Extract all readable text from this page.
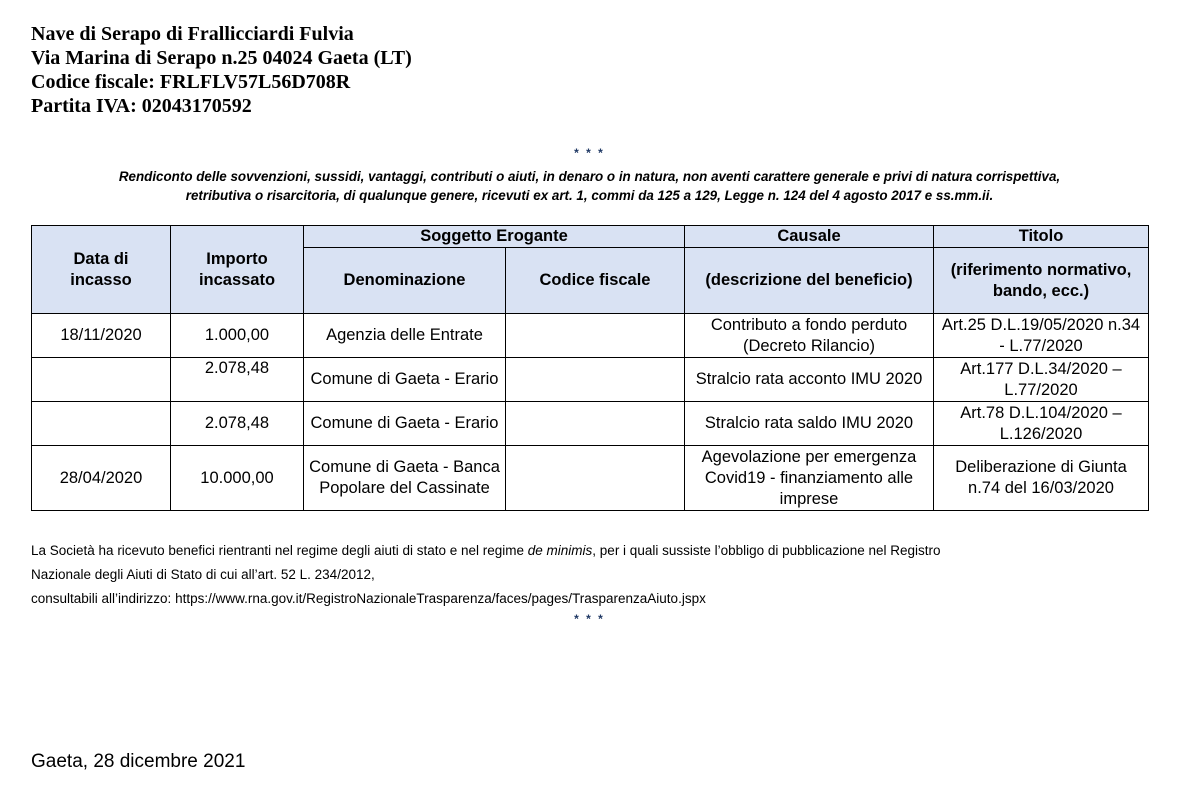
Nave di Serapo di Frallicciardi Fulvia
Via Marina di Serapo n.25 04024 Gaeta (LT)
Codice fiscale: FRLFLV57L56D708R
Partita IVA: 02043170592
* * *
Rendiconto delle sovvenzioni, sussidi, vantaggi, contributi o aiuti, in denaro o in natura, non aventi carattere generale e privi di natura corrispettiva,
retributiva o risarcitoria, di qualunque genere, ricevuti ex art. 1, commi da 125 a 129, Legge n. 124 del 4 agosto 2017 e ss.mm.ii.
Data di incasso	Importo incassato	Soggetto Erogante		Causale	Titolo
		Denominazione	Codice fiscale	(descrizione del beneficio)	(riferimento normativo, bando, ecc.)
18/11/2020	1.000,00	Agenzia delle Entrate		Contributo a fondo perduto (Decreto Rilancio)	Art.25 D.L.19/05/2020 n.34 - L.77/2020
	2.078,48	Comune di Gaeta - Erario		Stralcio rata acconto IMU 2020	Art.177 D.L.34/2020 – L.77/2020
	2.078,48	Comune di Gaeta - Erario		Stralcio rata saldo IMU 2020	Art.78 D.L.104/2020 – L.126/2020
28/04/2020	10.000,00	Comune di Gaeta - Banca Popolare del Cassinate		Agevolazione per emergenza Covid19 - finanziamento alle imprese	Deliberazione di Giunta n.74 del 16/03/2020
La Società ha ricevuto benefici rientranti nel regime degli aiuti di stato e nel regime de minimis, per i quali sussiste l’obbligo di pubblicazione nel Registro
Nazionale degli Aiuti di Stato di cui all’art. 52 L. 234/2012,
consultabili all’indirizzo: https://www.rna.gov.it/RegistroNazionaleTrasparenza/faces/pages/TrasparenzaAiuto.jspx
* * *
Gaeta, 28 dicembre 2021
